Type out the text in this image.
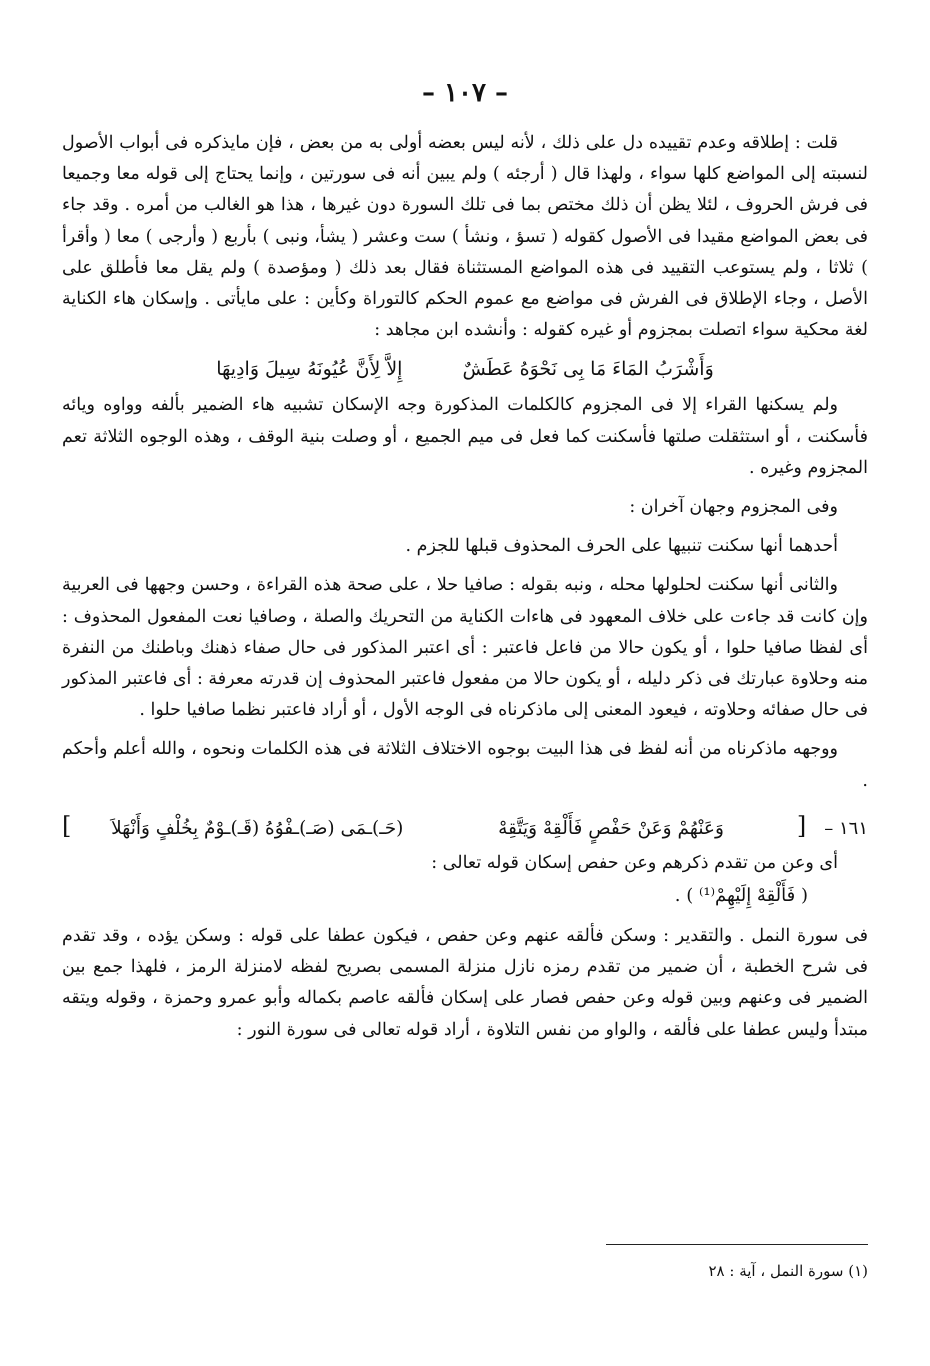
– ١٠٧ –

قلت : إطلاقه وعدم تقييده دل على ذلك ، لأنه ليس بعضه أولى به من بعض ، فإن مايذكره فى أبواب الأصول لنسبته إلى المواضع كلها سواء ، ولهذا قال ( أرجئه ) ولم يبين أنه فى سورتين ، وإنما يحتاج إلى قوله معا وجميعا فى فرش الحروف ، لئلا يظن أن ذلك مختص بما فى تلك السورة دون غيرها ، هذا هو الغالب من أمره . وقد جاء فى بعض المواضع مقيدا فى الأصول كقوله ( تسؤ ، ونشأ ) ست وعشر ( يشأ، ونبى ) بأربع ( وأرجى ) معا ( وأقرأ ) ثلاثا ، ولم يستوعب التقييد فى هذه المواضع المستثناة فقال بعد ذلك ( ومؤصدة ) ولم يقل معا فأطلق على الأصل ، وجاء الإطلاق فى الفرش فى مواضع مع عموم الحكم كالتوراة وكأين : على مايأتى . وإسكان هاء الكناية لغة محكية سواء اتصلت بمجزوم أو غيره كقوله : وأنشده ابن مجاهد :

وَأَشْرَبُ المَاءَ مَا بِى نَحْوَهُ عَطَشٌ
إِلاَّ لِأَنَّ عُيُونَهُ سِيلَ وَادِيهَا

ولم يسكنها القراء إلا فى المجزوم كالكلمات المذكورة وجه الإسكان تشبيه هاء الضمير بألفه وواوه ويائه فأسكنت ، أو استثقلت صلتها فأسكنت كما فعل فى ميم الجميع ، أو وصلت بنية الوقف ، وهذه الوجوه الثلاثة تعم المجزوم وغيره .

وفى المجزوم وجهان آخران :

أحدهما أنها سكنت تنبيها على الحرف المحذوف قبلها للجزم .

والثانى أنها سكنت لحلولها محله ، ونبه بقوله : صافيا حلا ، على صحة هذه القراءة ، وحسن وجهها فى العربية وإن كانت قد جاءت على خلاف المعهود فى هاءات الكناية من التحريك والصلة ، وصافيا نعت المفعول المحذوف : أى لفظا صافيا حلوا ، أو يكون حالا من فاعل فاعتبر : أى اعتبر المذكور فى حال صفاء ذهنك وباطنك من النفرة منه وحلاوة عبارتك فى ذكر دليله ، أو يكون حالا من مفعول فاعتبر المحذوف إن قدرته معرفة : أى فاعتبر المذكور فى حال صفائه وحلاوته ، فيعود المعنى إلى ماذكرناه فى الوجه الأول ، أو أراد فاعتبر نظما صافيا حلوا .

ووجهه ماذكرناه من أنه لفظ فى هذا البيت بوجوه الاختلاف الثلاثة فى هذه الكلمات ونحوه ، والله أعلم وأحكم .

١٦١ –
[
وَعَنْهُمْ وَعَنْ حَفْصٍ فَأَلْقِهْ وَيَتَّقِهْ
(حَـ)ـمَى (صَـ)ـفْوُهُ (قَـ)ـوْمٌ بِخُلْفٍ وَأَنْهَلاَ
]

أى وعن من تقدم ذكرهم وعن حفص إسكان قوله تعالى :

( فَأَلْقِهْ إِلَيْهِمْ⁽¹⁾ ) .

فى سورة النمل . والتقدير : وسكن فألقه عنهم وعن حفص ، فيكون عطفا على قوله : وسكن يؤده ، وقد تقدم فى شرح الخطبة ، أن ضمير من تقدم رمزه نازل منزلة المسمى بصريح لفظه لامنزلة الرمز ، فلهذا جمع بين الضمير فى وعنهم وبين قوله وعن حفص فصار على إسكان فألقه عاصم بكماله وأبو عمرو وحمزة ، وقوله ويتقه مبتدأ وليس عطفا على فألقه ، والواو من نفس التلاوة ، أراد قوله تعالى فى سورة النور :

(١) سورة النمل ، آية : ٢٨
